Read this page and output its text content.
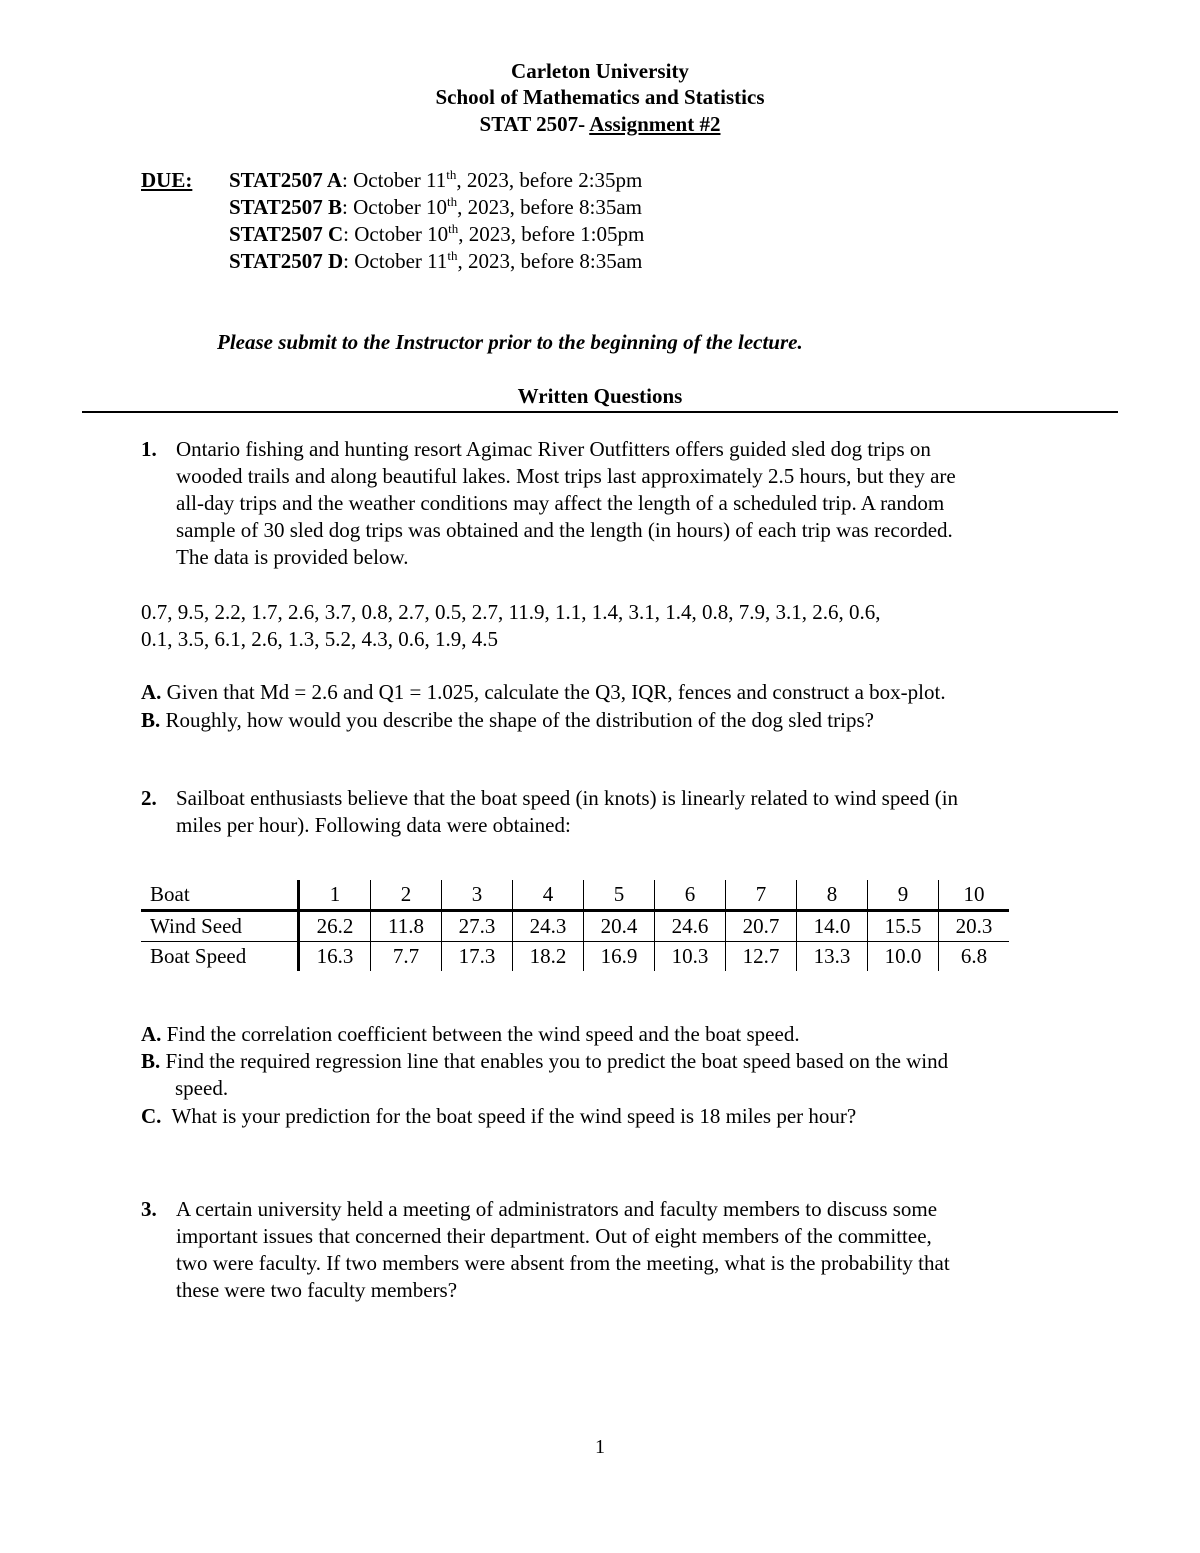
Carleton University
School of Mathematics and Statistics
STAT 2507- Assignment #2
DUE: STAT2507 A: October 11th, 2023, before 2:35pm
STAT2507 B: October 10th, 2023, before 8:35am
STAT2507 C: October 10th, 2023, before 1:05pm
STAT2507 D: October 11th, 2023, before 8:35am
Please submit to the Instructor prior to the beginning of the lecture.
Written Questions
1. Ontario fishing and hunting resort Agimac River Outfitters offers guided sled dog trips on
wooded trails and along beautiful lakes. Most trips last approximately 2.5 hours, but they are
all-day trips and the weather conditions may affect the length of a scheduled trip. A random
sample of 30 sled dog trips was obtained and the length (in hours) of each trip was recorded.
The data is provided below.
0.7, 9.5, 2.2, 1.7, 2.6, 3.7, 0.8, 2.7, 0.5, 2.7, 11.9, 1.1, 1.4, 3.1, 1.4, 0.8, 7.9, 3.1, 2.6, 0.6,
0.1, 3.5, 6.1, 2.6, 1.3, 5.2, 4.3, 0.6, 1.9, 4.5
A. Given that Md = 2.6 and Q1 = 1.025, calculate the Q3, IQR, fences and construct a box-plot.
B. Roughly, how would you describe the shape of the distribution of the dog sled trips?
2. Sailboat enthusiasts believe that the boat speed (in knots) is linearly related to wind speed (in
miles per hour). Following data were obtained:
Boat	1	2	3	4	5	6	7	8	9	10
Wind Seed	26.2	11.8	27.3	24.3	20.4	24.6	20.7	14.0	15.5	20.3
Boat Speed	16.3	7.7	17.3	18.2	16.9	10.3	12.7	13.3	10.0	6.8
A. Find the correlation coefficient between the wind speed and the boat speed.
B. Find the required regression line that enables you to predict the boat speed based on the wind
speed.
C.  What is your prediction for the boat speed if the wind speed is 18 miles per hour?
3. A certain university held a meeting of administrators and faculty members to discuss some
important issues that concerned their department. Out of eight members of the committee,
two were faculty. If two members were absent from the meeting, what is the probability that
these were two faculty members?
1
